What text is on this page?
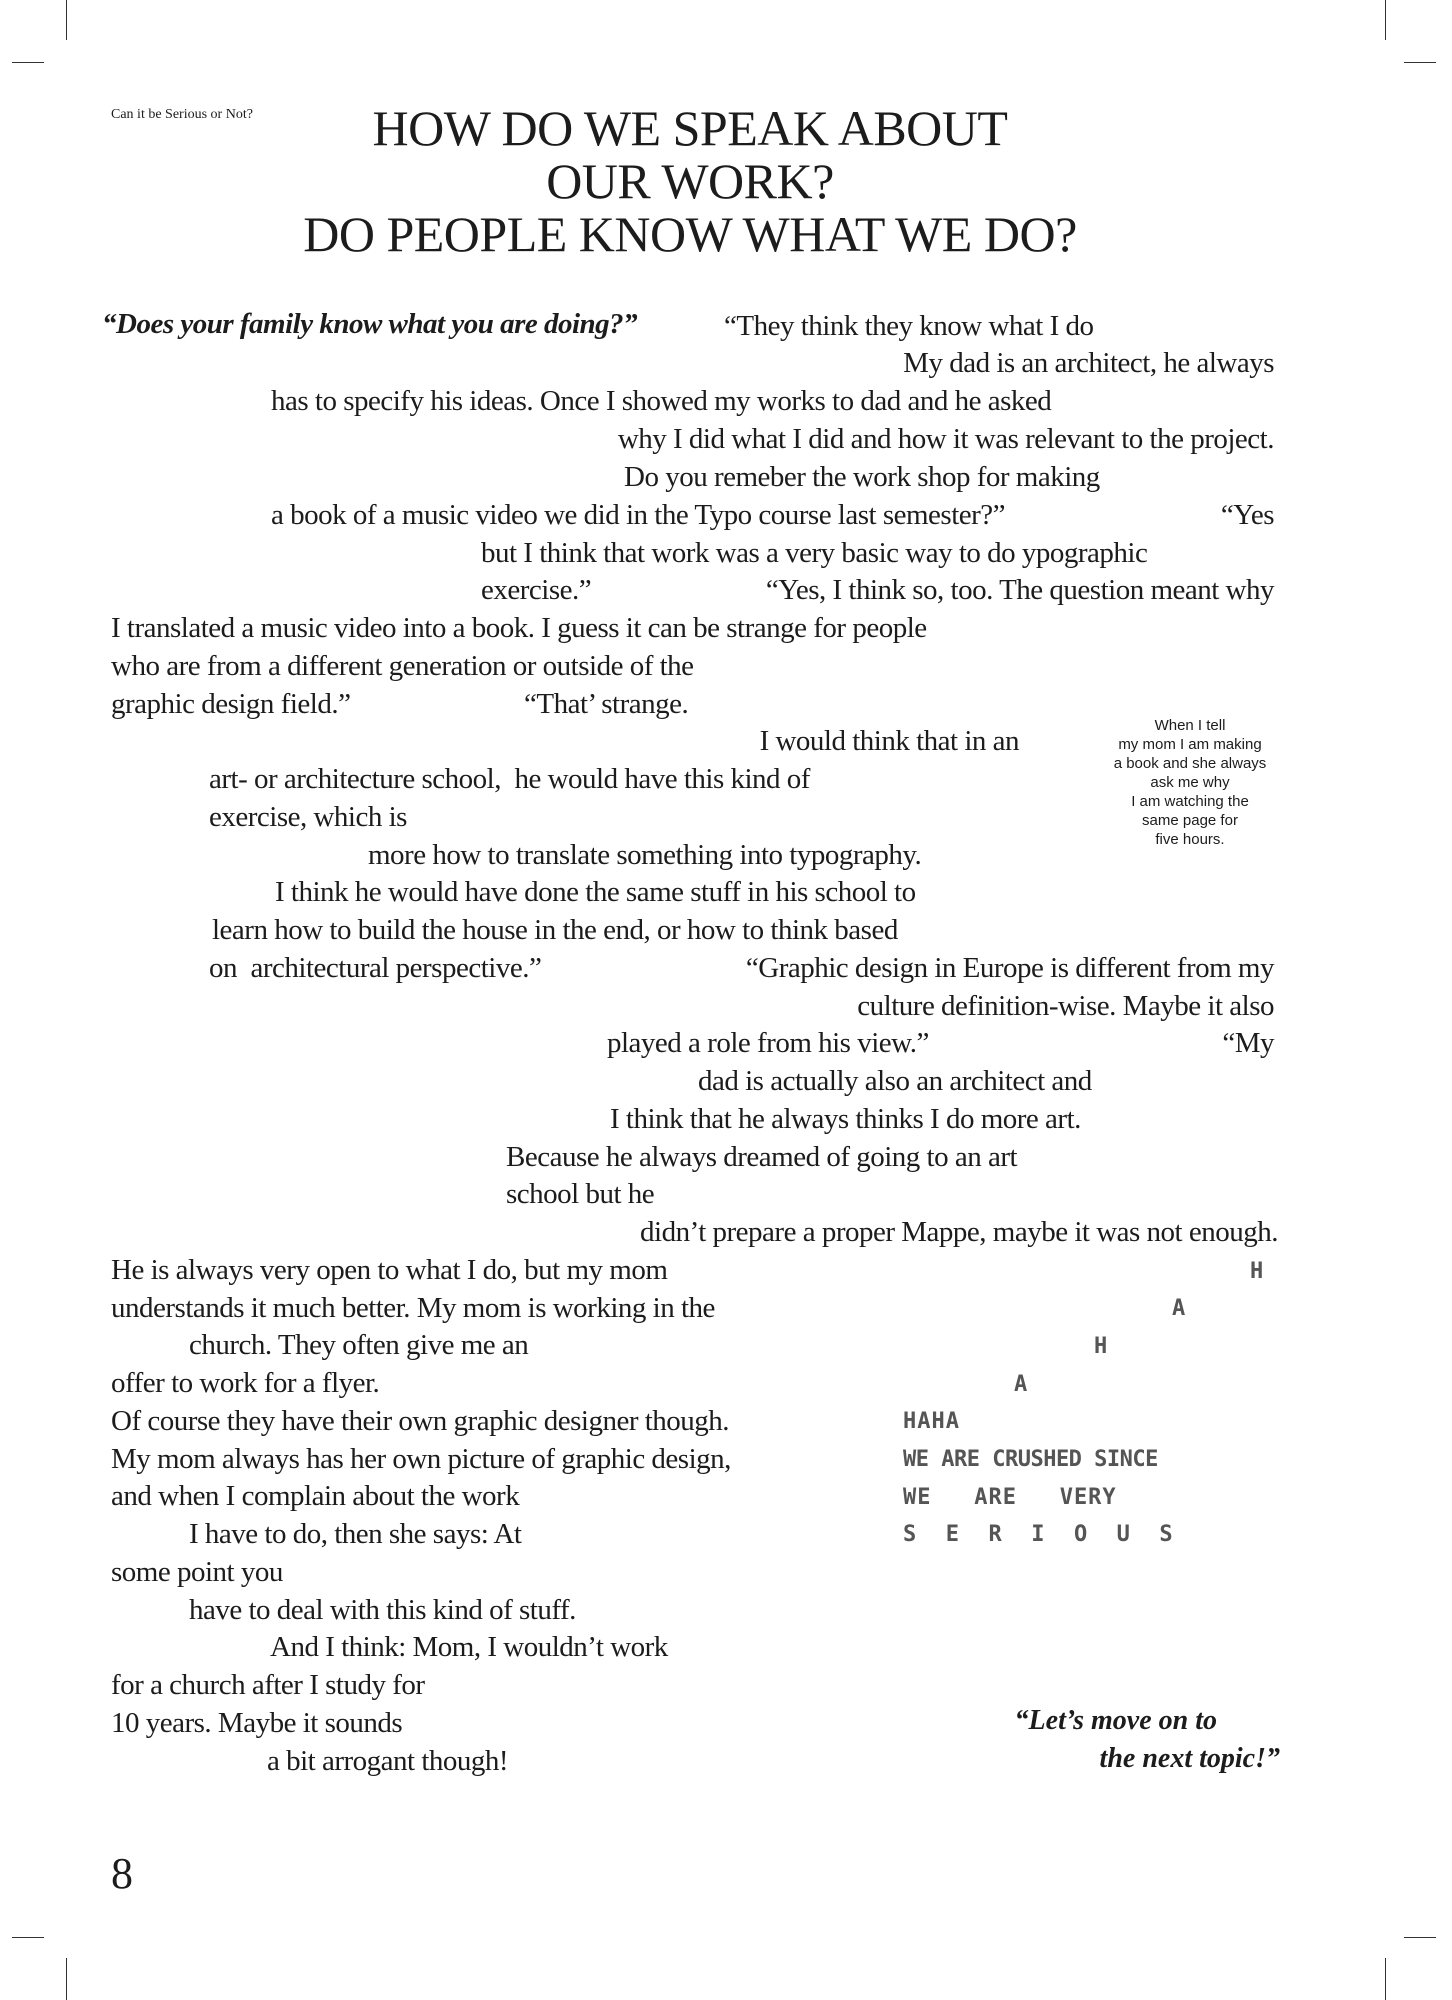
Can it be Serious or Not?	HOW DO WE SPEAK ABOUT
OUR WORK?
DO PEOPLE KNOW WHAT WE DO?
“Does your family know what you are doing?”	“They think they know what I do
My dad is an architect, he always
has to specify his ideas. Once I showed my works to dad and he asked
why I did what I did and how it was relevant to the project.
Do you remeber the work shop for making
a book of a music video we did in the Typo course last semester?”	“Yes
but I think that work was a very basic way to do ypographic
exercise.”	“Yes, I think so, too. The question meant why
I translated a music video into a book. I guess it can be strange for people
who are from a different generation or outside of the
graphic design field.”	“That’ strange.
I would think that in an
art- or architecture school,  he would have this kind of
exercise, which is
more how to translate something into typography.
I think he would have done the same stuff in his school to
learn how to build the house in the end, or how to think based
on  architectural perspective.”	“Graphic design in Europe is different from my
culture definition-wise. Maybe it also
played a role from his view.”	“My
dad is actually also an architect and
I think that he always thinks I do more art.
Because he always dreamed of going to an art
school but he
didn’t prepare a proper Mappe, maybe it was not enough.
He is always very open to what I do, but my mom
understands it much better. My mom is working in the
church. They often give me an
offer to work for a flyer.
Of course they have their own graphic designer though.
My mom always has her own picture of graphic design,
and when I complain about the work
I have to do, then she says: At
some point you
have to deal with this kind of stuff.
And I think: Mom, I wouldn’t work
for a church after I study for
10 years. Maybe it sounds
a bit arrogant though!
When I tell
my mom I am making
a book and she always
ask me why
I am watching the
same page for
five hours.
H
A
H
A
HAHA
WE ARE CRUSHED SINCE
WE   ARE   VERY
S  E  R  I  O  U  S
“Let’s move on to
the next topic!”
8
